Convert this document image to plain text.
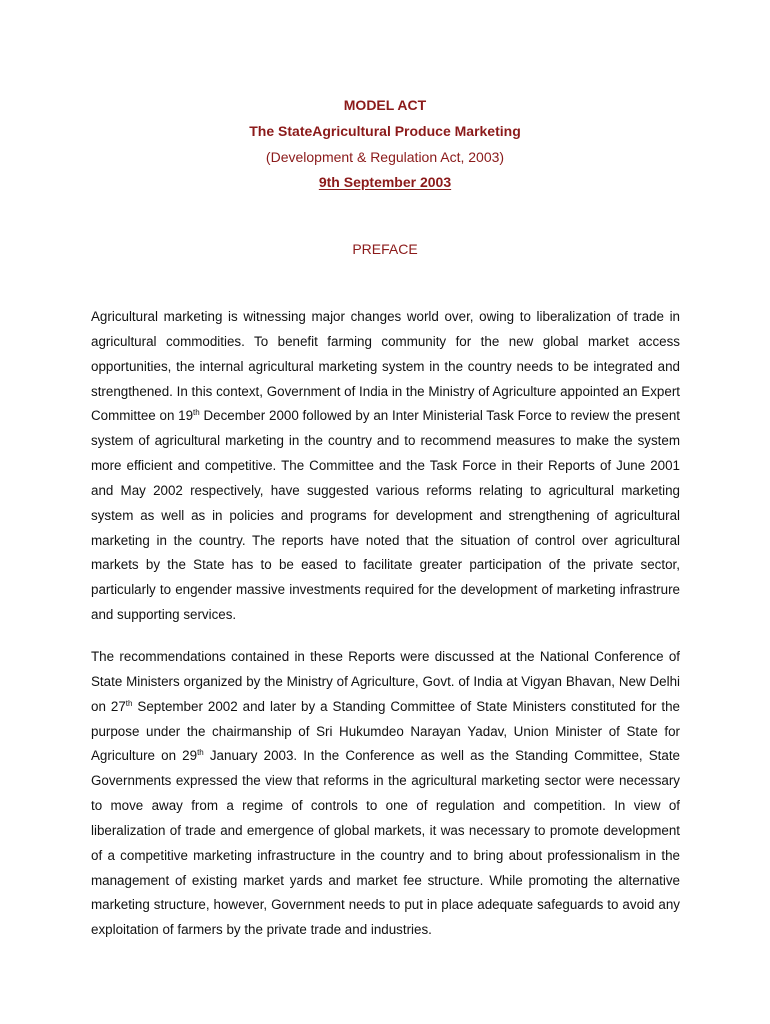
MODEL ACT
The StateAgricultural Produce Marketing
(Development & Regulation Act, 2003)
9th September 2003
PREFACE

Agricultural marketing is witnessing major changes world over, owing to liberalization of trade in agricultural commodities. To benefit farming community for the new global market access opportunities, the internal agricultural marketing system in the country needs to be integrated and strengthened. In this context, Government of India in the Ministry of Agriculture appointed an Expert Committee on 19th December 2000 followed by an Inter Ministerial Task Force to review the present system of agricultural marketing in the country and to recommend measures to make the system more efficient and competitive. The Committee and the Task Force in their Reports of June 2001 and May 2002 respectively, have suggested various reforms relating to agricultural marketing system as well as in policies and programs for development and strengthening of agricultural marketing in the country. The reports have noted that the situation of control over agricultural markets by the State has to be eased to facilitate greater participation of the private sector, particularly to engender massive investments required for the development of marketing infrastrure and supporting services.

The recommendations contained in these Reports were discussed at the National Conference of State Ministers organized by the Ministry of Agriculture, Govt. of India at Vigyan Bhavan, New Delhi on 27th September 2002 and later by a Standing Committee of State Ministers constituted for the purpose under the chairmanship of Sri Hukumdeo Narayan Yadav, Union Minister of State for Agriculture on 29th January 2003. In the Conference as well as the Standing Committee, State Governments expressed the view that reforms in the agricultural marketing sector were necessary to move away from a regime of controls to one of regulation and competition. In view of liberalization of trade and emergence of global markets, it was necessary to promote development of a competitive marketing infrastructure in the country and to bring about professionalism in the management of existing market yards and market fee structure. While promoting the alternative marketing structure, however, Government needs to put in place adequate safeguards to avoid any exploitation of farmers by the private trade and industries.
